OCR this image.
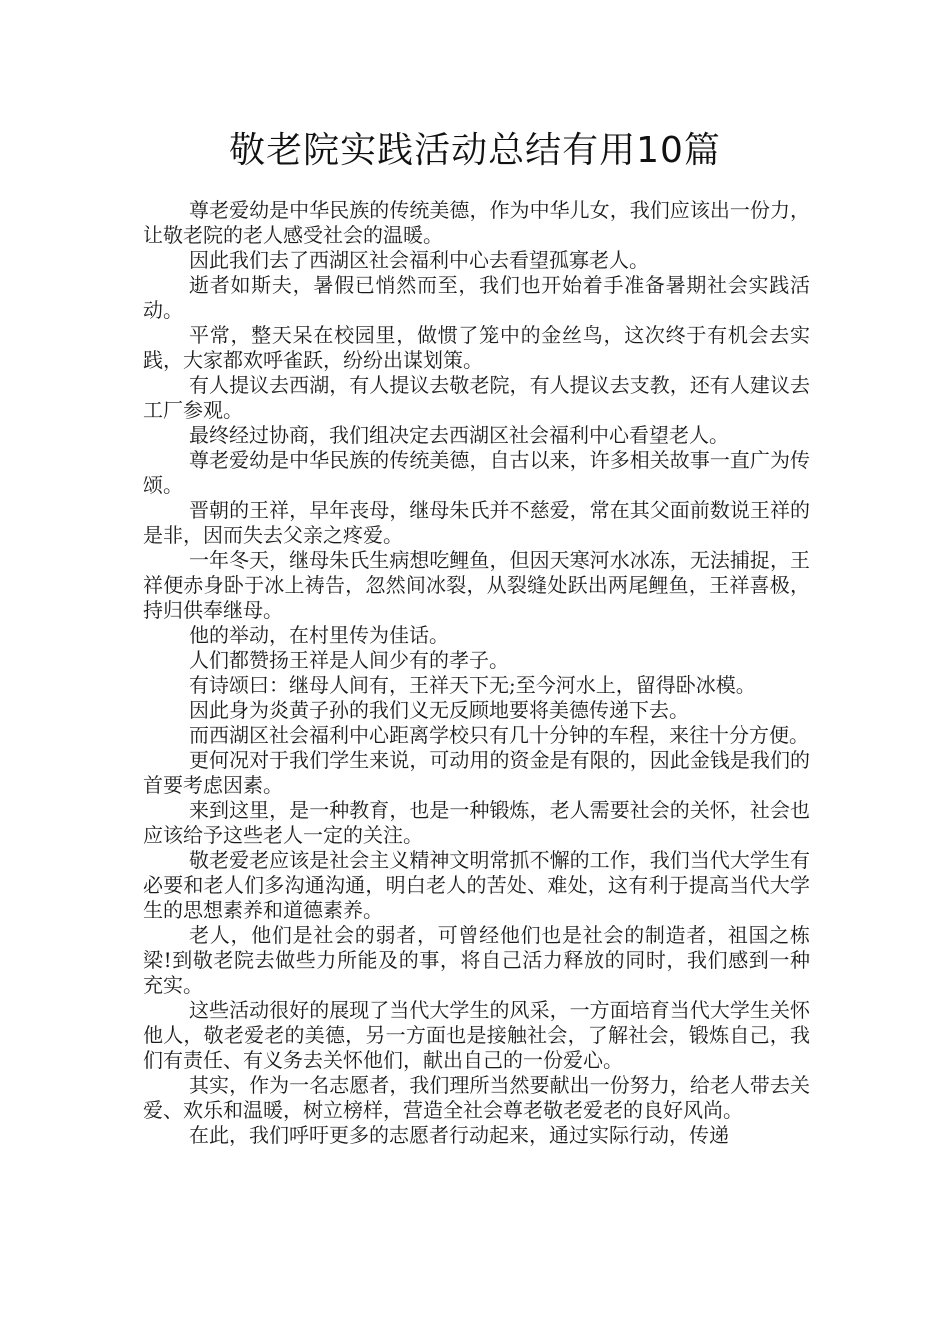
敬老院实践活动总结有用10篇

尊老爱幼是中华民族的传统美德，作为中华儿女，我们应该出一份力，让敬老院的老人感受社会的温暖。

因此我们去了西湖区社会福利中心去看望孤寡老人。

逝者如斯夫，暑假已悄然而至，我们也开始着手准备暑期社会实践活动。

平常，整天呆在校园里，做惯了笼中的金丝鸟，这次终于有机会去实践，大家都欢呼雀跃，纷纷出谋划策。

有人提议去西湖，有人提议去敬老院，有人提议去支教，还有人建议去工厂参观。

最终经过协商，我们组决定去西湖区社会福利中心看望老人。

尊老爱幼是中华民族的传统美德，自古以来，许多相关故事一直广为传颂。

晋朝的王祥，早年丧母，继母朱氏并不慈爱，常在其父面前数说王祥的是非，因而失去父亲之疼爱。

一年冬天，继母朱氏生病想吃鲤鱼，但因天寒河水冰冻，无法捕捉，王祥便赤身卧于冰上祷告，忽然间冰裂，从裂缝处跃出两尾鲤鱼，王祥喜极，持归供奉继母。

他的举动，在村里传为佳话。

人们都赞扬王祥是人间少有的孝子。

有诗颂曰：继母人间有，王祥天下无;至今河水上，留得卧冰模。

因此身为炎黄子孙的我们义无反顾地要将美德传递下去。

而西湖区社会福利中心距离学校只有几十分钟的车程，来往十分方便。

更何况对于我们学生来说，可动用的资金是有限的，因此金钱是我们的首要考虑因素。

来到这里，是一种教育，也是一种锻炼，老人需要社会的关怀，社会也应该给予这些老人一定的关注。

敬老爱老应该是社会主义精神文明常抓不懈的工作，我们当代大学生有必要和老人们多沟通沟通，明白老人的苦处、难处，这有利于提高当代大学生的思想素养和道德素养。

老人，他们是社会的弱者，可曾经他们也是社会的制造者，祖国之栋梁!到敬老院去做些力所能及的事，将自己活力释放的同时，我们感到一种充实。

这些活动很好的展现了当代大学生的风采，一方面培育当代大学生关怀他人，敬老爱老的美德，另一方面也是接触社会，了解社会，锻炼自己，我们有责任、有义务去关怀他们，献出自己的一份爱心。

其实，作为一名志愿者，我们理所当然要献出一份努力，给老人带去关爱、欢乐和温暖，树立榜样，营造全社会尊老敬老爱老的良好风尚。

在此，我们呼吁更多的志愿者行动起来，通过实际行动，传递
